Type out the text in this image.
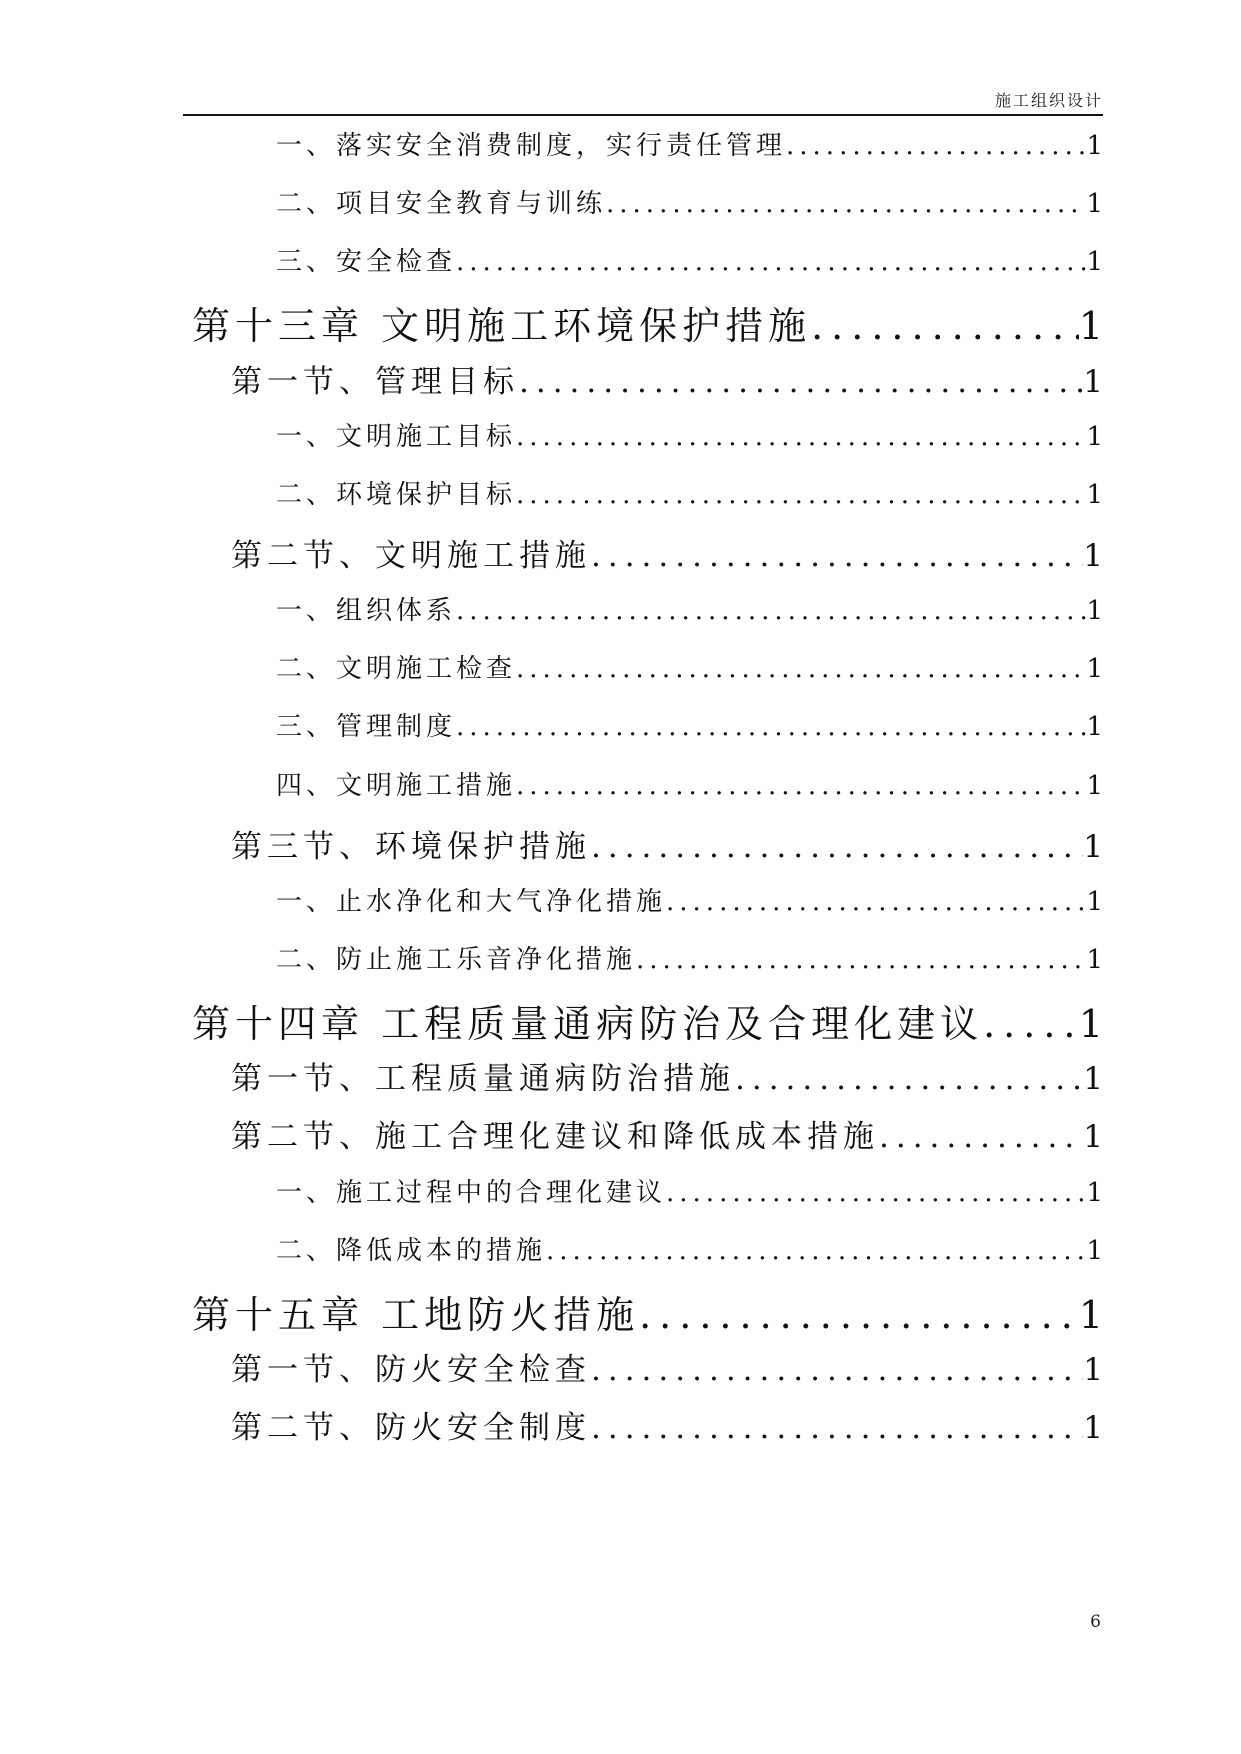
施工组织设计
一、落实安全消费制度，实行责任管理 .....	1
二、项目安全教育与训练 .....	1
三、安全检查 .....	1
第十三章 文明施工环境保护措施 .....	1
第一节、管理目标 .....	1
一、文明施工目标 .....	1
二、环境保护目标 .....	1
第二节、文明施工措施 .....	1
一、组织体系 .....	1
二、文明施工检查 .....	1
三、管理制度 .....	1
四、文明施工措施 .....	1
第三节、环境保护措施 .....	1
一、止水净化和大气净化措施 .....	1
二、防止施工乐音净化措施 .....	1
第十四章 工程质量通病防治及合理化建议 .....	1
第一节、工程质量通病防治措施 .....	1
第二节、施工合理化建议和降低成本措施 .....	1
一、施工过程中的合理化建议 .....	1
二、降低成本的措施 .....	1
第十五章 工地防火措施 .....	1
第一节、防火安全检查 .....	1
第二节、防火安全制度 .....	1
6
